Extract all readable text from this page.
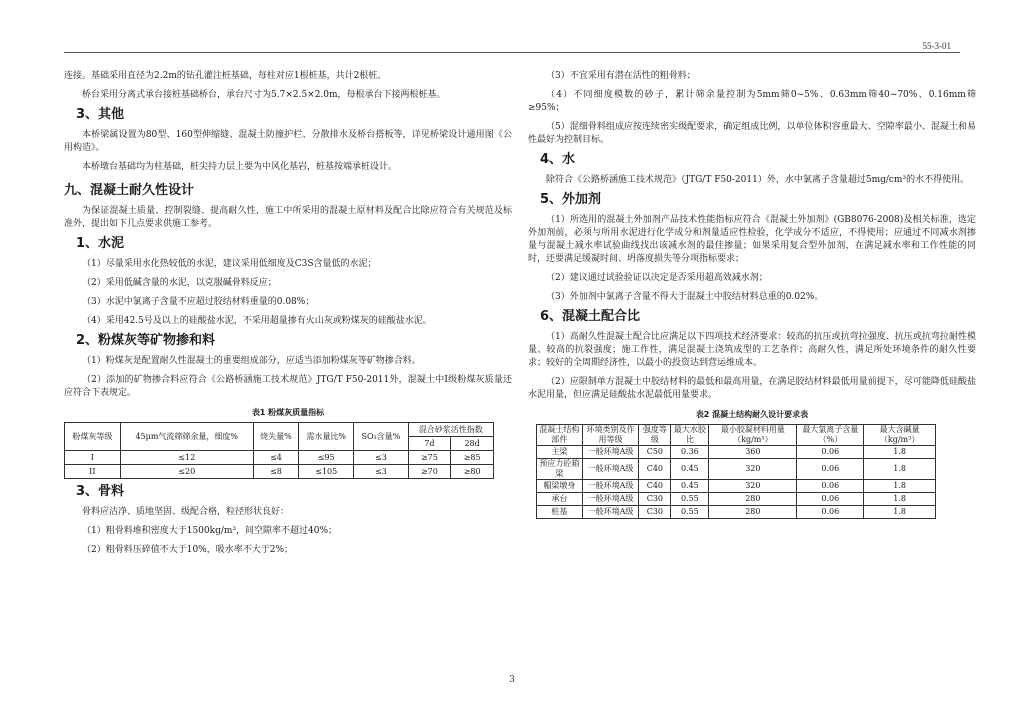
55-3-01

连接。基础采用直径为2.2m的钻孔灌注桩基础，每柱对应1根桩基，共计2根桩。

桥台采用分离式承台接桩基础桥台，承台尺寸为5.7×2.5×2.0m，每根承台下接两根桩基。

3、其他

本桥梁属设置为80型、160型伸缩缝、混凝土防撞护栏、分散排水及桥台搭板等，详见桥梁设计通用图《公用构造》。

本桥墩台基础均为柱基础，桩尖持力层上要为中风化基岩，桩基按端承桩设计。

九、混凝土耐久性设计

为保证混凝土质量、控制裂缝、提高耐久性，施工中所采用的混凝土原材料及配合比除应符合有关规范及标准外，提出如下几点要求供施工参考。

1、水泥

（1）尽量采用水化热较低的水泥，建议采用低细度及C3S含量低的水泥；

（2）采用低碱含量的水泥，以克服碱骨料反应；

（3）水泥中氯离子含量不应超过胶结材料重量的0.08%；

（4）采用42.5号及以上的硅酸盐水泥，不采用超量掺有火山灰或粉煤灰的硅酸盐水泥。

2、粉煤灰等矿物掺和料

（1）粉煤灰是配置耐久性混凝土的重要组成部分，应适当添加粉煤灰等矿物掺合料。

（2）添加的矿物掺合料应符合《公路桥涵施工技术规范》JTG/T F50-2011外，混凝土中I级粉煤灰质量还应符合下表规定。

表1 粉煤灰质量指标
粉煤灰等级	45μm气流筛筛余量，细度%	烧失量%	需水量比%	SO₃含量%	混合砂浆活性指数	
					7d	28d
I	≤12	≤4	≤95	≤3	≥75	≥85
II	≤20	≤8	≤105	≤3	≥70	≥80
3、骨料

骨料应洁净、质地坚固、级配合格，粒径形状良好：

（1）粗骨料堆积密度大于1500kg/m³，间空隙率不超过40%；

（2）粗骨料压碎值不大于10%，吸水率不大于2%；

（3）不宜采用有潜在活性的粗骨料；

（4）不同细度模数的砂子，累计筛余量控制为5mm筛0~5%、0.63mm筛40~70%、0.16mm筛≥95%；

（5）混细骨料组成应按连续密实级配要求，确定组成比例，以单位体积容重最大、空隙率最小、混凝土和易性最好为控制目标。

4、水

除符合《公路桥涵施工技术规范》（JTG/T F50-2011）外，水中氯离子含量超过5mg/cm³的水不得使用。

5、外加剂

（1）所选用的混凝土外加剂产品技术性能指标应符合《混凝土外加剂》(GB8076-2008)及相关标准，选定外加剂前，必须与所用水泥进行化学成分和剂量适应性检验，化学成分不适应，不得使用；应通过不同减水剂掺量与混凝土减水率试验曲线找出该减水剂的最佳掺量；如果采用复合型外加剂，在满足减水率和工作性能的同时，还要满足缓凝时间、坍落度损失等分项指标要求；

（2）建议通过试验验证以决定是否采用超高效减水剂；

（3）外加剂中氯离子含量不得大于混凝土中胶结材料总重的0.02%。

6、混凝土配合比

（1）高耐久性混凝土配合比应满足以下四项技术经济要求：较高的抗压或抗弯拉强度、抗压或抗弯拉耐性模量、较高的抗裂强度；施工作性，满足混凝土浇筑成型的工艺条件；高耐久性，满足所处环境条件的耐久性要求；较好的全周期经济性，以最小的投资达到营运维成本。

（2）应限制单方混凝土中胶结材料的最低和最高用量，在满足胶结材料最低用量前提下，尽可能降低硅酸盐水泥用量，但应满足硅酸盐水泥最低用量要求。

表2 混凝土结构耐久设计要求表
混凝土结构部件	环境类别及作用等级	强度等级	最大水胶比	最小胶凝材料用量（kg/m³）	最大氯离子含量（%）	最大含碱量（kg/m³）
主梁	一般环境A级	C50	0.36	360	0.06	1.8
预应力砼箱梁	一般环境A级	C40	0.45	320	0.06	1.8
帽梁墩身	一般环境A级	C40	0.45	320	0.06	1.8
承台	一般环境A级	C30	0.55	280	0.06	1.8
桩基	一般环境A级	C30	0.55	280	0.06	1.8
3
